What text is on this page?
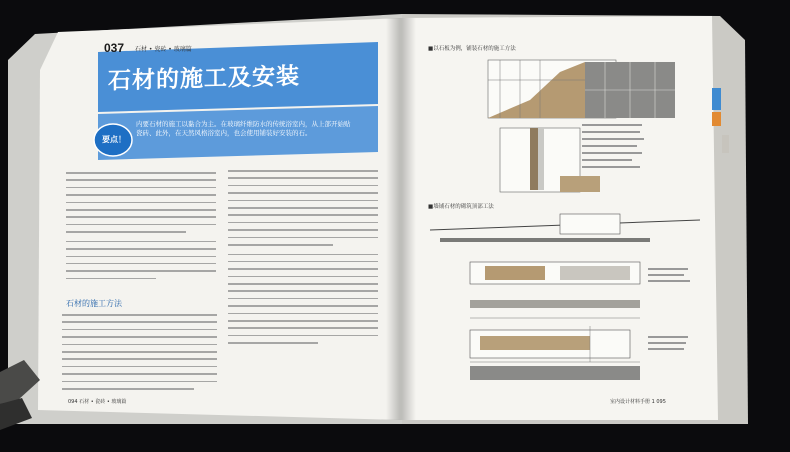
037 石材 • 瓷砖 • 玻璃篇
石材的施工及安装
要点！
内要石材的施工以黏合为主。在玻璃纤维防水的传统浴室内，从上部开始贴
瓷砖、此外，在天然风格浴室内，也会使用铺装好安装的石。
石材的施工方法
■以石板为例，铺装石材的施工方法
■墙铺石材的砌筑顶部工法
094 石材 • 瓷砖 • 玻璃篇	室内设计材料手册 1 095
